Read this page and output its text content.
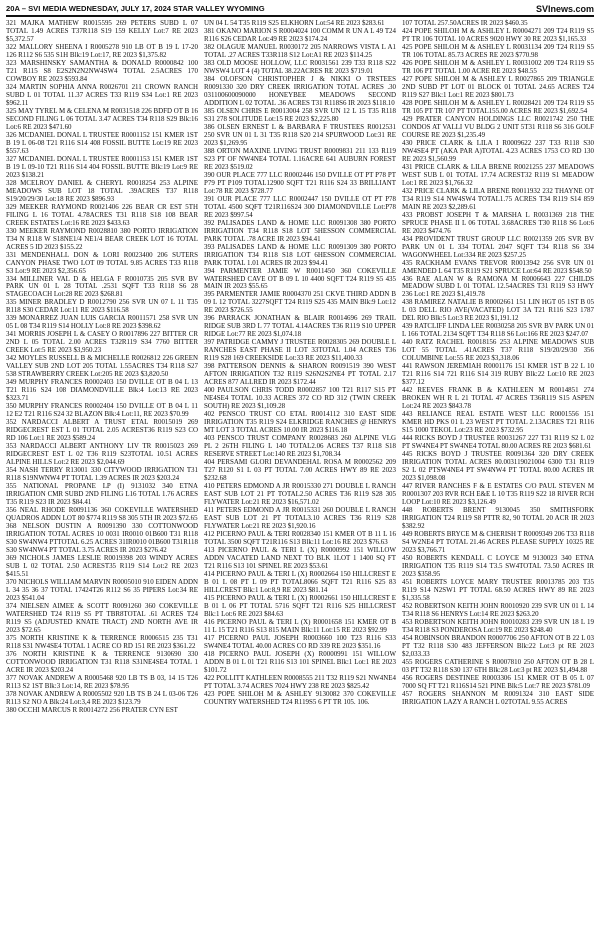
20A – SVI MEDIA WEDNESDAY, JULY 17, 2024 STAR VALLEY WYOMING	SVInews.com

321 MAJKA MATHEW R0015595 269 PETERS SUBD L 07 TOTAL 1.49 ACRES T37R118 S19 159 KELLY Lot:7 RE 2023 $5,372.57

322 MALLORY SHEENA I R0005278 910 LB OT B 19 L 17-20 126 R112 S6 535 S1H Blk:19 Lot:17, RE 2023 $1,375.82

323 MARSHINSKY SAMANTHA & DONALD R0000842 100 T21 R115 S8 E2S2N2N2NW4SW4 TOTAL 2.5ACRES 170 COWBOY RE 2023 $593.84

324 MARTIN SOPHIA ANNA R0026701 211 CROWN RANCH SUBD L 01 TOTAL 11.37 ACRES T33 R119 S34 Lot:1 RE 2023 $962.11

325 MAY TYREL M & CELENA M R0031518 226 BDFD OT B 16 SECOND FILING L 06 TOTAL 3.47 ACRES T34 R118 S29 Blk:16 Lot:6 RE 2023 $471.60

326 MCDANIEL DONAL L TRUSTEE R0001152 151 KMER 1ST B 19 L 06-08 T21 R116 S14 408 FOSSIL BUTTE Lot:19 RE 2023 $557.63

327 MCDANIEL DONAL L TRUSTEE R0001153 151 KMER 1ST B 19 L 09-10 T21 R116 S14 404 FOSSIL BUTTE Blk:19 Lot:9 RE 2023 $138.21

328 MCELROY DANIEL & CHERYL R0018254 253 ALPINE MEADOWS SUB LOT 18 TOTAL .39ACRES T37 R118 S19/20/29/30 Lot:18 RE 2023 $896.93

329 MEEKER RAYMOND R0021406 226 BEAR CR EST 5TH FILING L 16 TOTAL 4.78ACRES T31 R118 S18 108 BEAR CREEK ESTATES Lot:16 RE 2023 $433.63

330 MEEKER RAYMOND R0028810 380 PORTO IRRIGATION T34 N R118 W S18NE1/4 NE1/4 BEAR CREEK LOT 16 TOTAL ACRES 5 ID 2023 $155.22

331 MENDENHALL DON & LORI R0023400 206 SUTERS CANYON PHASE TWO LOT 09 TOTAL 9.85 ACRES T33 R118 S3 Lot:9 RE 2023 $2,356.65

334 MILLINER VAL D & HELGA F R0010735 205 SVR BV PARK UN 01 L 28 TOTAL .2531 SQFT T33 R118 S6 28 STAGECOACH Lot:28 RE 2023 $268.81

335 MINER BRADLEY D R0012790 256 SVR UN 07 L 11 T35 R118 S30 CEDAR Lot:11 RE 2023 $116.58

339 MONARREZ JUAN LUIS GARCIA R0011571 258 SVR UN 05 L 08 T34 R119 S14 HOLLY Lot:8 RE 2023 $398.62

341 MORRIS JOSEPH L & CASEY O R0017896 227 BITTER CR 2ND L 05 TOTAL 2.00 ACRES T32R119 S34 7760 BITTER CREEK Lot:5 RE 2023 $3,950.23

342 MOYLES RUSSELL B & MICHELLE R0026812 226 GREEN VALLEY SUB 2ND LOT 205 TOTAL 1.55ACRES T34 R118 S27 538 STRAWBERRY CREEK Lot:205 RE 2023 $3,820.50

349 MURPHY FRANCES R0002403 150 DVILLE OT B 04 L 13 T21 R116 S24 108 DIAMONDVILLE Blk:4 Lot:13 RE 2023 $323.71

350 MURPHY FRANCES R0002404 150 DVILLE OT B 04 L 11 12 E2 T21 R116 S24 32 BLAZON Blk:4 Lot:11, RE 2023 $70.99

352 NARDACCI ALBERT A TRUST ETAL R0015019 269 RIDGECREST EST L 01 TOTAL 2.05 ACREST36 R119 S23 CO RD 106 Lot:1 RE 2023 $589.24

353 NARDACCI ALBERT ANTHONY LIV TR R0015023 269 RIDGECREST EST L 02 T36 R119 S23TOTAL 10.51 ACRES ALPINE HILLS Lot:2 RE 2023 $2,044.69

354 NASH TERRY R13001 330 CITYWOOD IRRIGATION T31 R118 S19NWNW4 PT TOTAL 1.39 ACRES IR 2023 $203.24

355 NATIONAL PROPANE LP (I) 9131032 340 ETNA IRRIGATION CMR SUBD 2ND FILING L16 TOTAL 1.76 ACRES T35 R119 S23 IR 2023 $84.41

356 NEAL RHODE R0091136 360 COKEVILLE WATERSHED QUADROS ADDN LOT 80 $774 R119 S8 305 5TH IR 2023 $72.65

368 NELSON DUSTIN A R0091390 330 COTTONWOOD IRRIGATION TOTAL ACRES 10 0031 IR0010 01B600 T31 R118 S30 SW4NW4 PTTOTAL 6.25 ACRES 31IR0010 01B600 T31R118 S30 SW4NW4 PT TOTAL 3.75 ACRES IR 2023 $276.42

369 NICHOLS JAMES LESLIE R0019398 203 WINDY ACRES SUB L 02 TOTAL 2.50 ACREST35 R119 S14 Lot:2 RE 2023 $415.51

370 NICHOLS WILLIAM MARVIN R0005010 910 EIDEN ADDN L 34 35 36 37 TOTAL 17424T26 R112 S6 35 PIPERS Lot:34 RE 2023 $541.04

374 NIELSEN AIMEE & SCOTT R0091260 360 COKEVILLE WATERSHED T24 R119 S5 PT TBR8TOTAL .61 ACRES T24 R119 S5 (ADJUSTED KNATE TRACT) 2ND NORTH AVE IR 2023 $72.65

375 NORTH KRISTINE K & TERRENCE R0006515 235 T31 R118 S31 NW4SE4 TOTAL 1 ACRE CO RD 151 RE 2023 $361.22

376 NORTH KRISTINE K & TERRENCE 9130690 330 COTTONWOOD IRRIGATION T31 R118 S31NE4SE4 TOTAL 1 ACRE IR 2023 $203.24

377 NOVAK ANDREW A R0005468 920 LB TS B 03, 14 15 T26 R113 S2 1ST Blk:3 Lot:14, RE 2023 $78.95

378 NOVAK ANDREW A R0005502 920 LB TS B 24 L 03-06 T26 R113 S2 NO A Blk:24 Lot:3,4 RE 2023 $123.79

380 OCCHI MARCUS R R0014272 256 PRATER CYN EST

UN 04 L 54 T35 R119 S25 ELKHORN Lot:54 RE 2023 $283.61

381 OKANO MARION S R0004024 100 COMM R UN A L 49 T24 R116 S26 CEDAR Lot:49 RE 2023 $174.24

382 OLAGUE MANUEL R0030172 205 NARROWS VISTA L A1 TOTAL .27 ACRES T33R118 S12 Lot:A1 RE 2023 $114.25

383 OLD MOOSE HOLLOW, LLC R0031561 239 T33 R118 S22 NWSW4 LOT 4 (4) TOTAL 38.22ACRES RE 2023 $719.01

384 OLOFSON CHRISTOPHER J & NIKKI O TRSTEES R0091330 320 DRY CREEK IRRIGATION TOTAL ACRES .30 031100600090000 HONEYBEE MEADOWS SECOND ADDITION L 02 TOTAL .36 ACRES T31 R118S6 IR 2023 $118.10

385 OLSEN CHRIS E R0013004 258 SVR UN 12 L 15 T35 R118 S31 278 SOLITUDE Lot:15 RE 2023 $2,225.80

386 OLSEN ERNEST L & BARBARA F TRUSTEES R0012531 250 SVR UN 01 L 31 T35 R118 S20 214 SPURWOOD Lot:31 RE 2023 $1,269.95

388 ORTON MAXINE LIVING TRUST R0009831 211 133 R119 S23 PT OF NW4NE4 TOTAL 1.16ACRE 641 AUBURN FOREST RE 2023 $519.02

390 OUR PLACE 777 LLC R0002446 150 DVILLE OT PT P78 PT P79 PT P109 TOTAL12900 SQFT T21 R116 S24 33 BRILLIANT Lot:78 RE 2023 $728.77

391 OUR PLACE 777 LLC R0002447 150 DVILLE OT PT P78 TOTAL 4500 SQFT T21R116S24 300 DIAMONDVILLE Lot:P78 RE 2023 $997.54

392 PALISADES LAND & HOME LLC R0091308 380 PORTO IRRIGATION T34 R118 S18 LOT 5HESSON COMMERCIAL PARK TOTAL .78 ACRE IR 2023 $94.41

393 PALISADES LAND & HOME LLC R0091309 380 PORTO IRRIGATION T34 R118 S18 LOT 6HESSON COMMERCIAL PARK TOTAL 1.01 ACRES IR 2023 $94.41

394 PARMENTER JAMIE W R0011450 360 COKEVILLE WATERSHED CAVE OT B 09 L 10 4400 SQFT T24 R119 S5 435 MAIN IR 2023 $55.65

395 PARMENTER JAMIE R0004370 251 CKVE THIRD ADDN B 09 L 12 TOTAL 3227SQFT T24 R119 S25 435 MAIN Blk:9 Lot:12 RE 2023 $726.55

396 PARRACK JONATHAN & BLAIR R0014696 269 TRAIL RIDGE SUB 3RD L 77 TOTAL 4.14ACRES T36 R119 S10 UPPER RIDGE Lot:77 RE 2023 $1,074.18

397 PATRIDGE CAMMY J TRUSTEE R0028305 269 DOUBLE L RANCHES EAST PHASE II LOT 33TOTAL 1.04 ACRES T36 R119 S28 169 CREEKSIDE Lot:33 RE 2023 $11,400.33

398 PATTERSON DENNIS & SHARON R0091519 390 WEST AFTON IRRIGATION T32 R119 S26N2S2NE4 PT TOTAL 2.17 ACRES 877 ALLRED IR 2023 $172.44

400 PAULSON CHRIS TODD R0002857 100 T21 R117 S15 PT NE4SE4 TOTAL 10.33 ACRES 372 CO RD 312 (TWIN CREEK SOUTH) RE 2023 $1,109.28

402 PENSCO TRUST CO ETAL R0014112 310 EAST SIDE IRRIGATION T35 R119 S24 ELKRIDGE RANCHES @ HENRYS MT LOT 3 TOTAL ACRES 10.00 IR 2023 $116.18

403 PENSCO TRUST COMPANY R0028683 260 ALPINE VLG PL 2 26TH FILING L 140 TOTAL2.06 ACRES T37 R118 S18 RESERVE STREET Lot:140 RE 2023 $1,708.34

404 PERSAMI GLORI DEVANDEHAL ROSA M R0002562 209 T27 R120 S1 L 03 PT TOTAL 7.00 ACRES HWY 89 RE 2023 $232.68

410 PETERS EDMOND A JR R0015330 271 DOUBLE L RANCH EAST SUB LOT 21 PT TOTAL2.50 ACRES T36 R119 S28 305 FLYWATER Lot:21 RE 2023 $16,571.02

411 PETERS EDMOND A JR R0015331 260 DOUBLE L RANCH EAST SUB LOT 21 PT TOTAL3.10 ACRES T36 R119 S28 FLYWATER Lot:21 RE 2023 $1,920.16

412 PICERNO PAUL & TERI R0028340 151 KMER OT B 11 L 16 TOTAL 3500 SQFT T21R116 S13 Blk:11 Lot:16 RE 2023 $76.63

413 PICERNO PAUL & TERI L (X) R0000992 151 WILLOW ADDN VACATED LAND NEXT TO BLK 1LOT 1 1400 SQ FT T21 R116 S13 101 SPINEL RE 2023 $53.61

414 PICERNO PAUL & TERI L (X) R0002664 150 HILLCREST E B 01 L 08 PT L 09 PT TOTAL8066 SQFT T21 R116 S25 83 HILLCREST Blk:1 Lot:8,9 RE 2023 $81.14

415 PICERNO PAUL & TERI L (X) R0002661 150 HILLCREST E B 01 L 06 PT TOTAL 5716 SQFT T21 R116 S25 HILLCREST Blk:1 Lot:6 RE 2023 $84.63

416 PICERNO PAUL & TERI L (X) R0001658 151 KMER OT B 11 L 15 T21 R116 S13 815 MAIN Blk:11 Lot:15 RE 2023 $92.99

417 PICERNO PAUL JOSEPH R0003660 100 T23 R116 S33 SW4NE4 TOTAL 40.00 ACRES CO RD 339 RE 2023 $351.16

418 PICERNO PAUL JOSEPH (X) R0000991 151 WILLOW ADDN B 01 L 01 T21 R116 S13 101 SPINEL Blk:1 Lot:1 RE 2023 $101.72

422 POLLITT KATHLEEN R0008555 211 T32 R119 S21 NW4NE4 PT TOTAL 3.74 ACRES 7024 HWY 238 RE 2023 $825.42

423 POPE SHILOH M & ASHLEY 9130082 370 COKEVILLE COUNTRY WATERSHED T24 R119S5 6 PT TR 105. 106.

107 TOTAL 257.50ACRES IR 2023 $460.35

424 POPE SHILOH M & ASHLEY L R0004271 209 T24 R119 S5 PT TR 106 TOTAL 10 ACRES 9020 HWY 30 RE 2023 $1,165.33

425 POPE SHILOH M & ASHLEY L R0031134 209 T24 R119 S5 TR 106 TOTAL 85.73 ACRES RE 2023 $770.98

426 POPE SHILOH M & ASHLEY L R0031002 209 T24 R119 S5 TR 106 PT TOTAL 1.00 ACRE RE 2023 $48.55

427 POPE SHILOH M & ASHLEY L R0027865 209 TRIANGLE 2ND SUBD PT LOT 01 BLOCK 01 TOTAL 24.65 ACRES T24 R119 S27 Blk:1 Lot:1 RE 2023 $801.73

428 POPE SHILOH M & ASHLEY L R0028421 209 T24 R119 S5 TR 105 PT TR 107 PT TOTAL155.00 ACRES RE 2023 $1,692.54

429 PRATER CANYON HOLDINGS LLC R0021742 250 THE CONDOS AT VALLI VU BLDG 2 UNIT 5T31 R118 S6 316 GOLF COURSE RE 2023 $1,235.49

430 PRICE CLARK & LILA I R0009622 237 T33 R118 S30 NW4SE4 PT (AKA PAR A)TOTAL 4.23 ACRES 1753 CO RD 130 RE 2023 $1,560.99

431 PRICE CLARK & LILA BRENE R0021255 237 MEADOWS WEST SUB L 01 TOTAL 17.74 ACREST32 R119 S1 MEADOW Lot:1 RE 2023 $1,766.32

432 PRICE CLARK & LILA BRENE R0011932 232 THAYNE OT T34 R119 S14 NW4SW4 TOTAL1.75 ACRES T34 R119 S14 859 MAIN RE 2023 $2,289.61

433 PROBST JOSEPH T & MARSHA L R0031369 218 THE SPRUCE PHASE II L 06 TOTAL 3.68ACRES T30 R118 S6 Lot:6 RE 2023 $474.76

434 PROVIDENT TRUST GROUP LLC R0021359 205 SVR BV PARK UN 01 L 334 TOTAL 2047 SQFT T34 R118 S6 334 WAGONWHEEL Lot:334 RE 2023 $257.25

435 RACKHAM EVANS TREVOR R0013942 256 SVR UN 01 AMENDED L 64 T35 R119 S21 SPRUCE Lot:64 RE 2023 $548.50

436 RAE ALAN W & RAMONA M R0006643 227 CHILDS MEADOW SUBD L 01 TOTAL 12.54ACRES T31 R119 S3 HWY 236 Lot:1 RE 2023 $1,419.78

438 RAMIREZ NATALIE B R0002661 151 LIN HGT 05 1ST B 05 L 03 DELL RIO AVE(VACATED) LOT 3A T21 R116 S23 1787 DEL RIO Blk:5 Lot:3 RE 2023 $1,191.12

439 RATCLIFF LINDA LEE R0030258 205 SVR BV PARK UN 01 L 166 TOTAL 2134 SQFT T34 R118 S6 Lot:166 RE 2023 $247.07

440 RATZ RACHEL R0018156 253 ALPINE MEADOWS SUB LOT 55 TOTAL .41ACRES T37 R118 S19/20/29/30 356 COLUMBINE Lot:55 RE 2023 $3,318.06

441 RAWSON JEREMIAH R0001176 151 KMER 1ST B 22 L 10 T21 R116 S14 721 R116 S14 319 RUBY Blk:22 Lot:10 RE 2023 $377.12

442 REEVES FRANK B & KATHLEEN M R0014851 274 BROKEN WH R L 21 TOTAL 47 ACRES T36R119 S15 ASPEN Lot:24 RE 2023 $843.78

443 RELIANCE REAL ESTATE WEST LLC R0001556 151 KMER HD PKS 01 L 23 WEST PT TOTAL 2.13ACRES T21 R116 S15 1000 TEKOL Lot:23 RE 2023 $732.95

444 RICKS BOYD J TRUSTEE R0031267 227 T31 R119 S2 L 02 PT SW4NE4 PT SW4NE4 TOTAL 80.00 ACRES RE 2023 $681.61

445 RICKS BOYD J TRUSTEE R0091364 320 DRY CREEK IRRIGATION TOTAL ACRES 80.003119021004 6300 T31 R119 S2 L 02 PTSW4NE4 PT SW4NW4 PT TOTAL 80.00 ACRES IR 2023 $1,098.08

447 RIVER RANCHES F & E ESTATES C/O PAUL STEVEN M R0001307 203 RVR RCH E&E L 10 T35 R119 S22 18 RIVER RCH LOOP Lot:10 RE 2023 $3,126.49

448 ROBERTS BRENT 9130045 350 SMITHSFORK IRRIGATION T24 R119 S8 PTTR 82, 90 TOTAL 20 ACR IR 2023 $382.92

449 ROBERTS BRYCE M & CHERISH T R0009349 206 T33 R118 S4 W2NE4 PT TOTAL 21.46 ACRES PLEASE SUPPLY 10325 RE 2023 $3,766.71

450 ROBERTS KENDALL C LOYCE M 9130023 340 ETNA IRRIGATION T35 R119 S14 T3.5 SW4TOTAL 73.50 ACRES IR 2023 $358.95

451 ROBERTS LOYCE MARY TRUSTEE R0013785 203 T35 R119 S14 N2SW1 PT TOTAL 68.50 ACRES HWY 89 RE 2023 $1,335.58

452 ROBERTSON KEITH JOHN R0010920 239 SVR UN 01 L 14 T34 R118 S6 HENRYS Lot:14 RE 2023 $263.20

453 ROBERTSON KEITH JOHN R0010283 239 SVR UN 18 L 19 T34 R118 S3 PONDEROSA Lot:19 RE 2023 $248.40

454 ROBINSON BRANDON R0007706 250 AFTON OT B 22 L 03 PT T32 R118 S30 483 JEFFERSON Blk:22 Lot:3 pt RE 2023 $2,033.33

455 ROGERS CATHERINE S R0007810 250 AFTON OT B 28 L 03 PT T32 R118 S30 137 6TH Blk:28 Lot:3 pt RE 2023 $1,494.88

456 ROGERS DESTINEE R0003306 151 KMER OT B 05 L 07 7000 SQ FT T21 R116S14 521 PINE Blk:5 Lot:7 RE 2023 $781.09

457 ROGERS SHANNON M R0091324 310 EAST SIDE IRRIGATION LAZY A RANCH L 02TOTAL 9.55 ACRES
